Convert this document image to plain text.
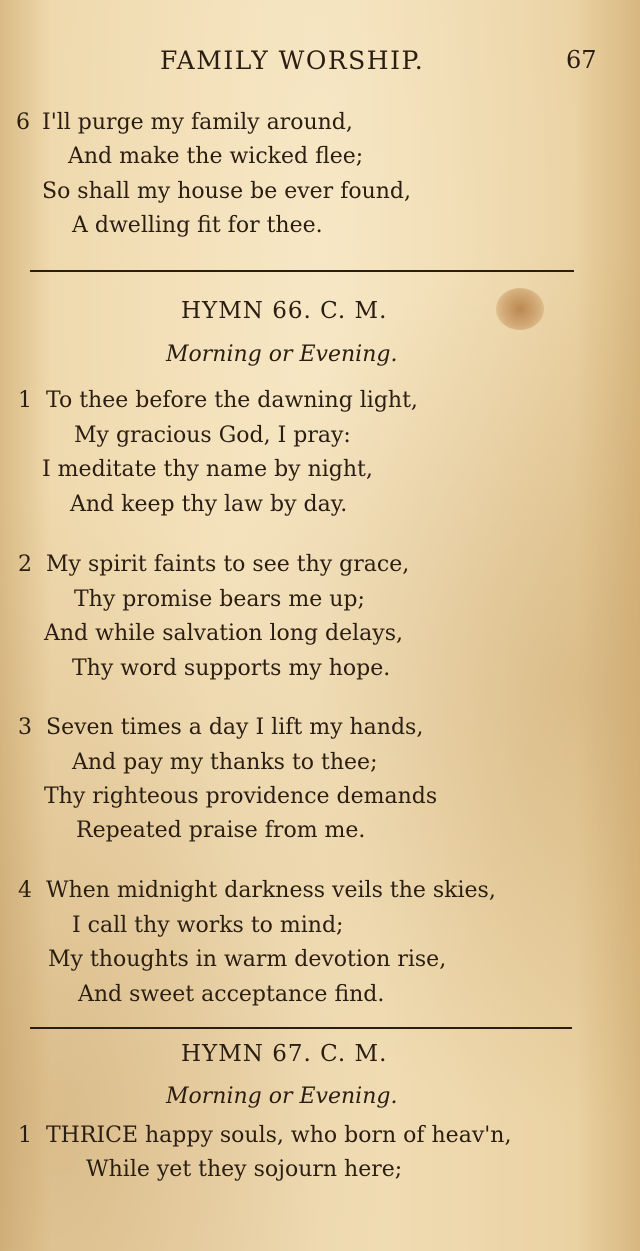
FAMILY WORSHIP.	67
6 I'll purge my family around,
And make the wicked flee;
So shall my house be ever found,
A dwelling fit for thee.
HYMN 66. C. M.
Morning or Evening.
1 To thee before the dawning light,
My gracious God, I pray:
I meditate thy name by night,
And keep thy law by day.
2 My spirit faints to see thy grace,
Thy promise bears me up;
And while salvation long delays,
Thy word supports my hope.
3 Seven times a day I lift my hands,
And pay my thanks to thee;
Thy righteous providence demands
Repeated praise from me.
4 When midnight darkness veils the skies,
I call thy works to mind;
My thoughts in warm devotion rise,
And sweet acceptance find.
HYMN 67. C. M.
Morning or Evening.
1 THRICE happy souls, who born of heav'n,
While yet they sojourn here;
